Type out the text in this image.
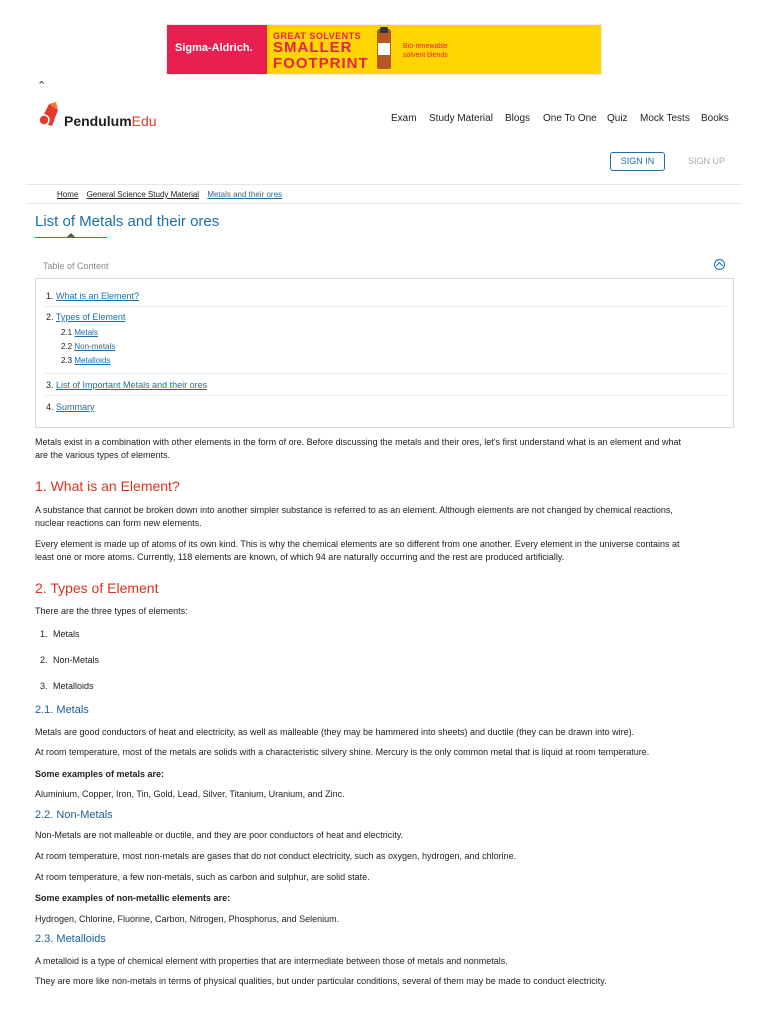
Sigma-Aldrich.
GREAT SOLVENTS
SMALLER
FOOTPRINT
Bio-renewable
solvent blends
⌃
PendulumEdu	Exam Study Material Blogs One To One Quiz Mock Tests Books
SIGN IN	SIGN UP
Home General Science Study Material Metals and their ores
List of Metals and their ores
Table of Content
1. What is an Element?
2. Types of Element
2.1 Metals
2.2 Non-metals
2.3 Metalloids
3. List of Important Metals and their ores
4. Summary
Metals exist in a combination with other elements in the form of ore. Before discussing the metals and their ores, let's first understand what is an element and what
are the various types of elements.
1. What is an Element?
A substance that cannot be broken down into another simpler substance is referred to as an element. Although elements are not changed by chemical reactions,
nuclear reactions can form new elements.
Every element is made up of atoms of its own kind. This is why the chemical elements are so different from one another. Every element in the universe contains at
least one or more atoms. Currently, 118 elements are known, of which 94 are naturally occurring and the rest are produced artificially.
2. Types of Element
There are the three types of elements:
1. Metals
2. Non-Metals
3. Metalloids
2.1. Metals
Metals are good conductors of heat and electricity, as well as malleable (they may be hammered into sheets) and ductile (they can be drawn into wire).
At room temperature, most of the metals are solids with a characteristic silvery shine. Mercury is the only common metal that is liquid at room temperature.
Some examples of metals are:
Aluminium, Copper, Iron, Tin, Gold, Lead, Silver, Titanium, Uranium, and Zinc.
2.2. Non-Metals
Non-Metals are not malleable or ductile, and they are poor conductors of heat and electricity.
At room temperature, most non-metals are gases that do not conduct electricity, such as oxygen, hydrogen, and chlorine.
At room temperature, a few non-metals, such as carbon and sulphur, are solid state.
Some examples of non-metallic elements are:
Hydrogen, Chlorine, Fluorine, Carbon, Nitrogen, Phosphorus, and Selenium.
2.3. Metalloids
A metalloid is a type of chemical element with properties that are intermediate between those of metals and nonmetals.
They are more like non-metals in terms of physical qualities, but under particular conditions, several of them may be made to conduct electricity.
